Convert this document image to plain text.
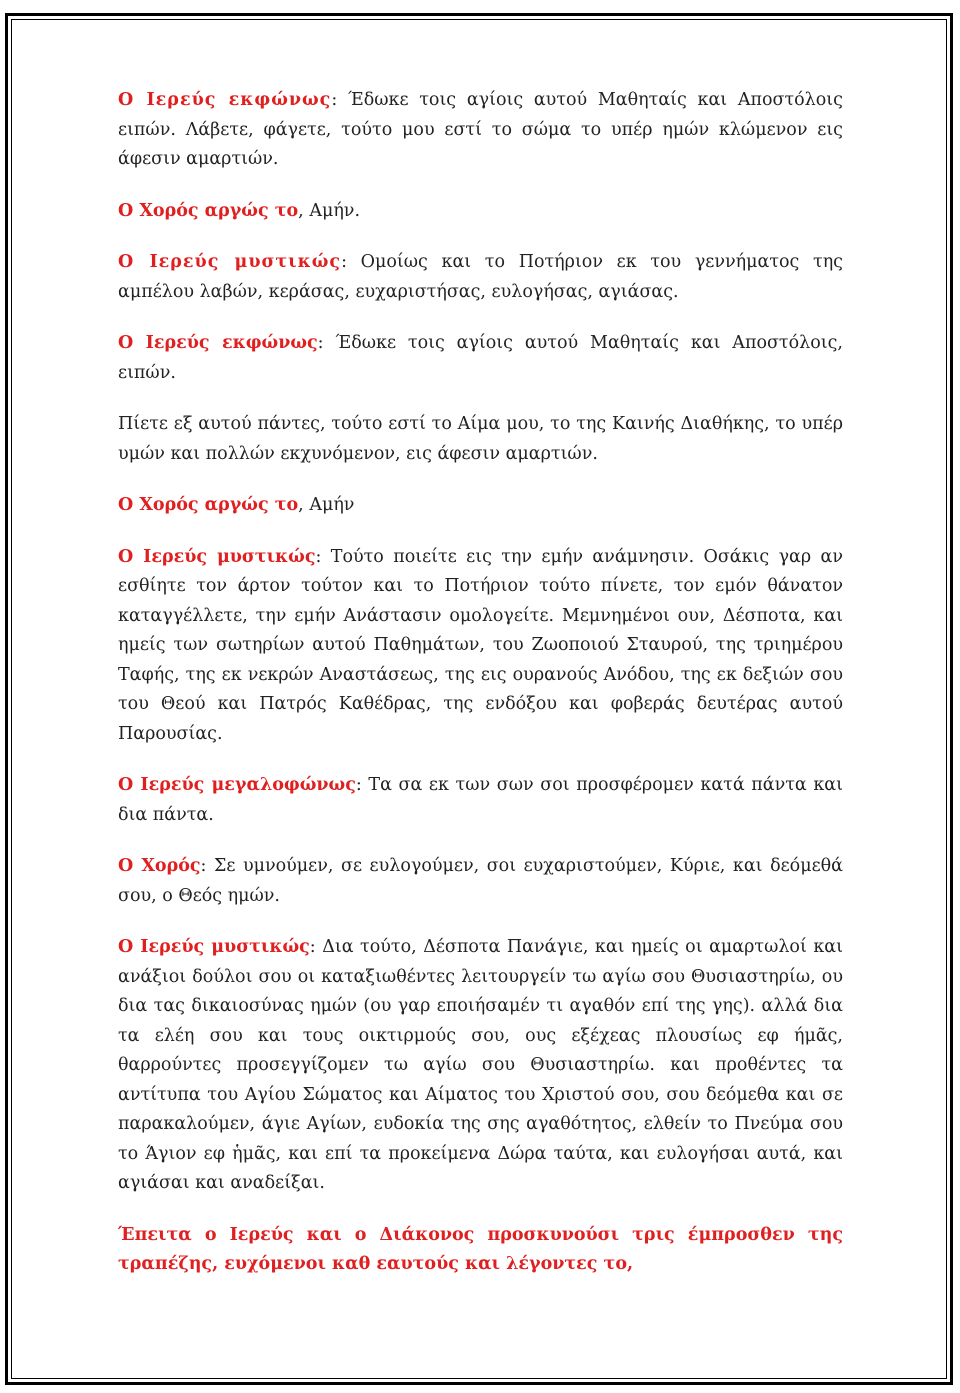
Ο Ιερεύς εκφώνως: Έδωκε τοις αγίοις αυτού Μαθηταίς και Αποστόλοις ειπών. Λάβετε, φάγετε, τούτο μου εστί το σώμα το υπέρ ημών κλώμενον εις άφεσιν αμαρτιών.

Ο Χορός αργώς το, Αμήν.

Ο Ιερεύς μυστικώς: Ομοίως και το Ποτήριον εκ του γεννήματος της αμπέλου λαβών, κεράσας, ευχαριστήσας, ευλογήσας, αγιάσας.

Ο Ιερεύς εκφώνως: Έδωκε τοις αγίοις αυτού Μαθηταίς και Αποστόλοις, ειπών.

Πίετε εξ αυτού πάντες, τούτο εστί το Αίμα μου, το της Καινής Διαθήκης, το υπέρ υμών και πολλών εκχυνόμενον, εις άφεσιν αμαρτιών.

Ο Χορός αργώς το, Αμήν

Ο Ιερεύς μυστικώς: Τούτο ποιείτε εις την εμήν ανάμνησιν. Οσάκις γαρ αν εσθίητε τον άρτον τούτον και το Ποτήριον τούτο πίνετε, τον εμόν θάνατον καταγγέλλετε, την εμήν Ανάστασιν ομολογείτε. Μεμνημένοι ουν, Δέσποτα, και ημείς των σωτηρίων αυτού Παθημάτων, του Ζωοποιού Σταυρού, της τριημέρου Ταφής, της εκ νεκρών Αναστάσεως, της εις ουρανούς Ανόδου, της εκ δεξιών σου του Θεού και Πατρός Καθέδρας, της ενδόξου και φοβεράς δευτέρας αυτού Παρουσίας.

Ο Ιερεύς μεγαλοφώνως: Τα σα εκ των σων σοι προσφέρομεν κατά πάντα και δια πάντα.

Ο Χορός: Σε υμνούμεν, σε ευλογούμεν, σοι ευχαριστούμεν, Κύριε, και δεόμεθά σου, ο Θεός ημών.

Ο Ιερεύς μυστικώς: Δια τούτο, Δέσποτα Πανάγιε, και ημείς οι αμαρτωλοί και ανάξιοι δούλοι σου οι καταξιωθέντες λειτουργείν τω αγίω σου Θυσιαστηρίω, ου δια τας δικαιοσύνας ημών (ου γαρ εποιήσαμέν τι αγαθόν επί της γης). αλλά δια τα ελέη σου και τους οικτιρμούς σου, ους εξέχεας πλουσίως εφ ήμᾶς, θαρρούντες προσεγγίζομεν τω αγίω σου Θυσιαστηρίω. και προθέντες τα αντίτυπα του Αγίου Σώματος και Αίματος του Χριστού σου, σου δεόμεθα και σε παρακαλούμεν, άγιε Αγίων, ευδοκία της σης αγαθότητος, ελθείν το Πνεύμα σου το Άγιον εφ ἡμᾶς, και επί τα προκείμενα Δώρα ταύτα, και ευλογήσαι αυτά, και αγιάσαι και αναδείξαι.

Έπειτα ο Ιερεύς και ο Διάκονος προσκυνούσι τρις έμπροσθεν της τραπέζης, ευχόμενοι καθ εαυτούς και λέγοντες το,
